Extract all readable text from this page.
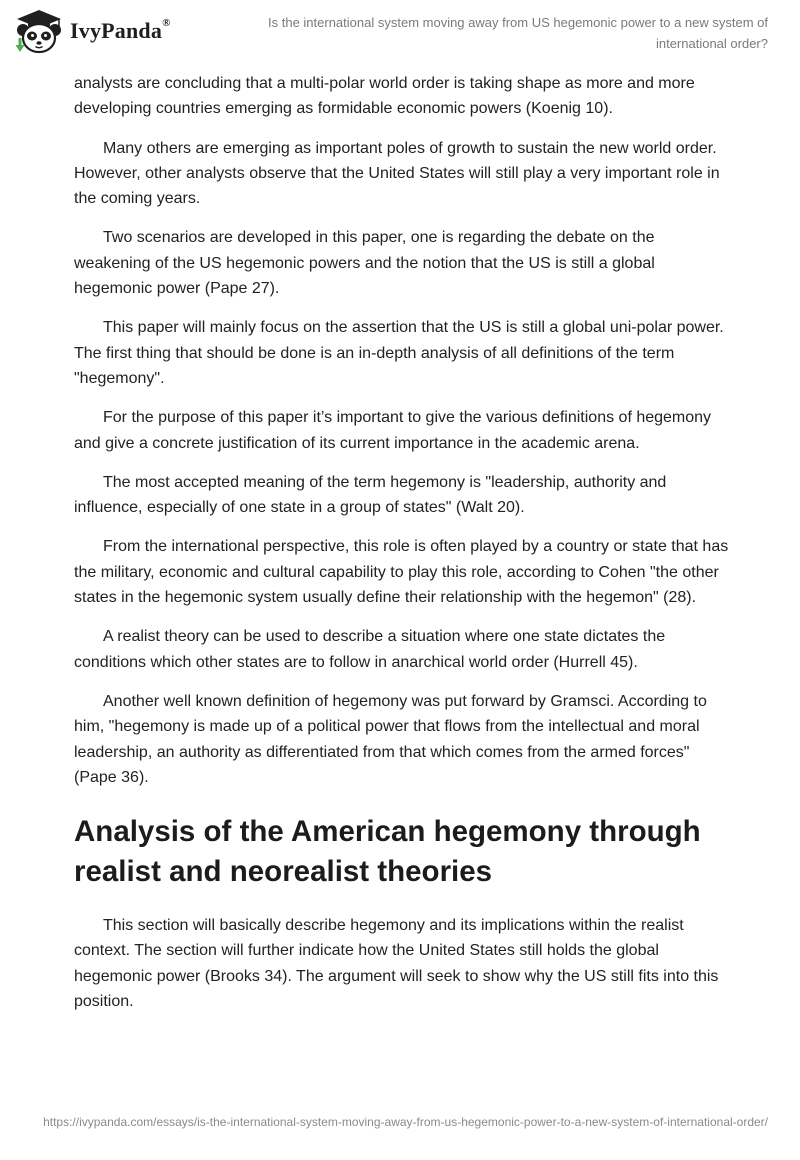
IvyPanda®	Is the international system moving away from US hegemonic power to a new system of international order?

analysts are concluding that a multi-polar world order is taking shape as more and more developing countries emerging as formidable economic powers (Koenig 10).

Many others are emerging as important poles of growth to sustain the new world order. However, other analysts observe that the United States will still play a very important role in the coming years.

Two scenarios are developed in this paper, one is regarding the debate on the weakening of the US hegemonic powers and the notion that the US is still a global hegemonic power (Pape 27).

This paper will mainly focus on the assertion that the US is still a global uni-polar power. The first thing that should be done is an in-depth analysis of all definitions of the term "hegemony".

For the purpose of this paper it’s important to give the various definitions of hegemony and give a concrete justification of its current importance in the academic arena.

The most accepted meaning of the term hegemony is "leadership, authority and influence, especially of one state in a group of states" (Walt 20).

From the international perspective, this role is often played by a country or state that has the military, economic and cultural capability to play this role, according to Cohen "the other states in the hegemonic system usually define their relationship with the hegemon" (28).

A realist theory can be used to describe a situation where one state dictates the conditions which other states are to follow in anarchical world order (Hurrell 45).

Another well known definition of hegemony was put forward by Gramsci. According to him, "hegemony is made up of a political power that flows from the intellectual and moral leadership, an authority as differentiated from that which comes from the armed forces" (Pape 36).

Analysis of the American hegemony through realist and neorealist theories

This section will basically describe hegemony and its implications within the realist context. The section will further indicate how the United States still holds the global hegemonic power (Brooks 34). The argument will seek to show why the US still fits into this position.

https://ivypanda.com/essays/is-the-international-system-moving-away-from-us-hegemonic-power-to-a-new-system-of-international-order/
